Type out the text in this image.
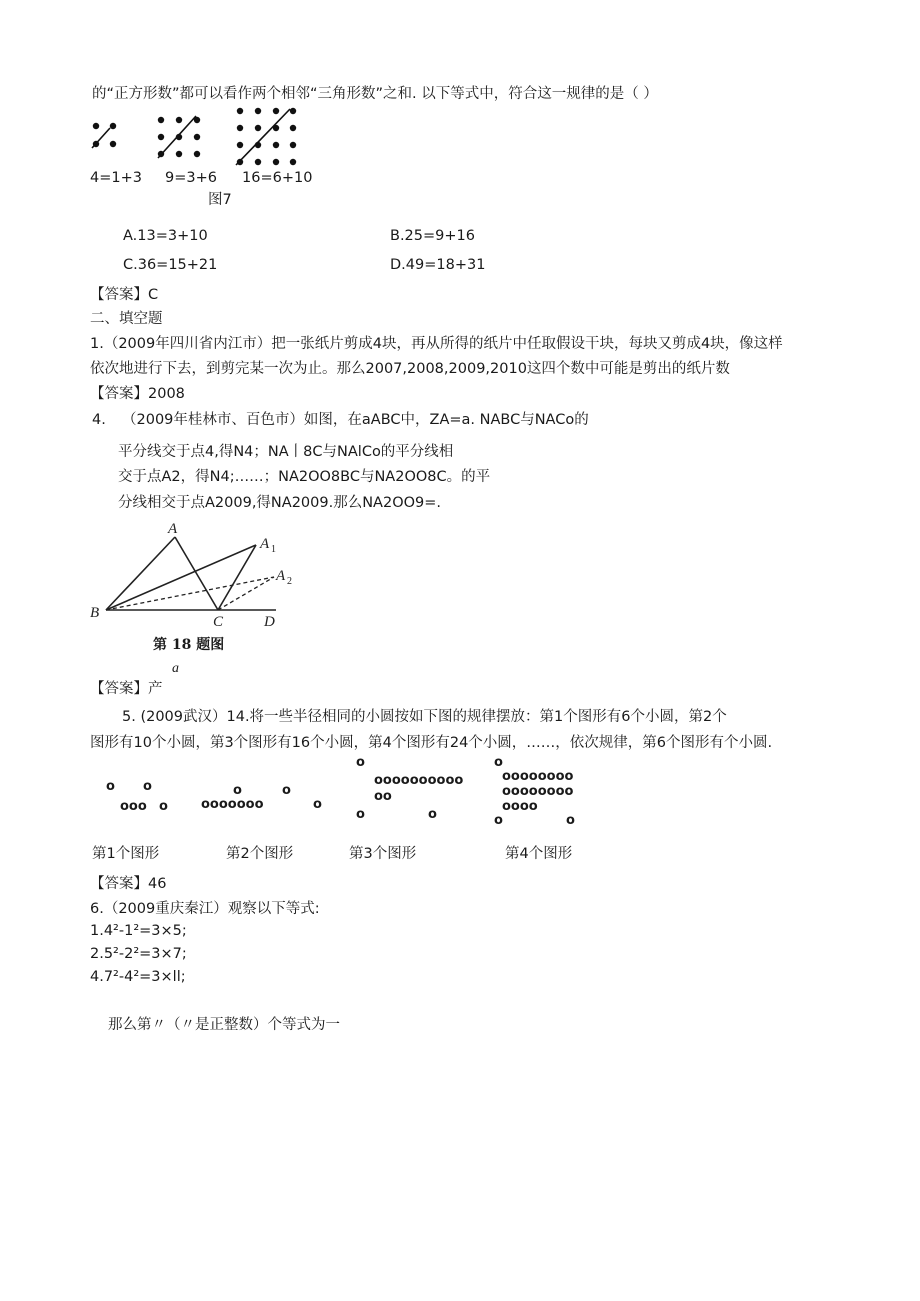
的“正方形数”都可以看作两个相邻“三角形数”之和. 以下等式中，符合这一规律的是（ ）
4=1+3 9=3+6 16=6+10
图7
A.13=3+10	B.25=9+16
C.36=15+21	D.49=18+31
【答案】C
二、填空题
1.（2009年四川省内江市）把一张纸片剪成4块，再从所得的纸片中任取假设干块，每块又剪成4块，像这样
依次地进行下去，到剪完某一次为止。那么2007,2008,2009,2010这四个数中可能是剪出的纸片数
【答案】2008
4. （2009年桂林市、百色市）如图，在aABC中，ZA=a. NABC与NACo的
平分线交于点4,得N4；NA丨8C与NAlCo的平分线相
交于点A2，得N4;……；NA2OO8BC与NA2OO8C。的平
分线相交于点A2009,得NA2009.那么NA2OO9=.
A
A 1
A 2
B
C	D
第 18 题图
a
【答案】产
5. (2009武汉）14.将一些半径相同的小圆按如下图的规律摆放：第1个图形有6个小圆，第2个
图形有10个小圆，第3个图形有16个小圆，第4个图形有24个小圆，……，依次规律，第6个图形有个小圆.
o o
ooo o
o	o
ooooooo	o
o
oooooooooo
oo
o	o
o
oooooooo
oooooooo
oooo
o	o
第1个图形	第2个图形	第3个图形	第4个图形
【答案】46
6.（2009重庆秦江）观察以下等式:
1.4²-1²=3×5;
2.5²-2²=3×7;
4.7²-4²=3×ll;
那么第〃（〃是正整数）个等式为一
